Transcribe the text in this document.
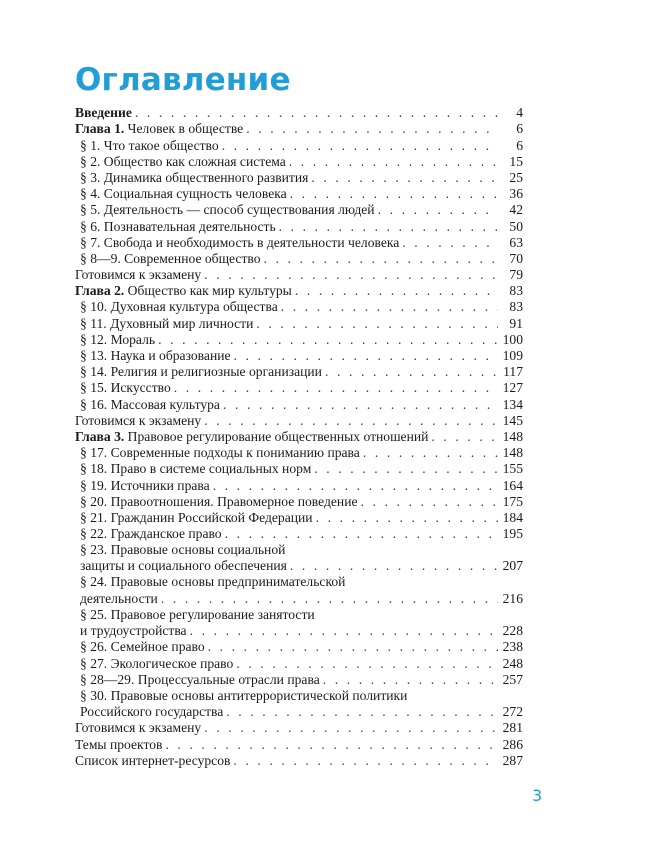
Оглавление
Введение . . .	4
Глава 1. Человек в обществе . . .	6
§ 1. Что такое общество . . .	6
§ 2. Общество как сложная система . . .	15
§ 3. Динамика общественного развития . . .	25
§ 4. Социальная сущность человека . . .	36
§ 5. Деятельность — способ существования людей . . .	42
§ 6. Познавательная деятельность . . .	50
§ 7. Свобода и необходимость в деятельности человека . . .	63
§ 8—9. Современное общество . . .	70
Готовимся к экзамену . . .	79
Глава 2. Общество как мир культуры . . .	83
§ 10. Духовная культура общества . . .	83
§ 11. Духовный мир личности . . .	91
§ 12. Мораль . . .	100
§ 13. Наука и образование . . .	109
§ 14. Религия и религиозные организации . . .	117
§ 15. Искусство . . .	127
§ 16. Массовая культура . . .	134
Готовимся к экзамену . . .	145
Глава 3. Правовое регулирование общественных отношений . . .	148
§ 17. Современные подходы к пониманию права . . .	148
§ 18. Право в системе социальных норм . . .	155
§ 19. Источники права . . .	164
§ 20. Правоотношения. Правомерное поведение . . .	175
§ 21. Гражданин Российской Федерации . . .	184
§ 22. Гражданское право . . .	195
§ 23. Правовые основы социальной
защиты и социального обеспечения . . .	207
§ 24. Правовые основы предпринимательской
деятельности . . .	216
§ 25. Правовое регулирование занятости
и трудоустройства . . .	228
§ 26. Семейное право . . .	238
§ 27. Экологическое право . . .	248
§ 28—29. Процессуальные отрасли права . . .	257
§ 30. Правовые основы антитеррористической политики
Российского государства . . .	272
Готовимся к экзамену . . .	281
Темы проектов . . .	286
Список интернет-ресурсов . . .	287
3
